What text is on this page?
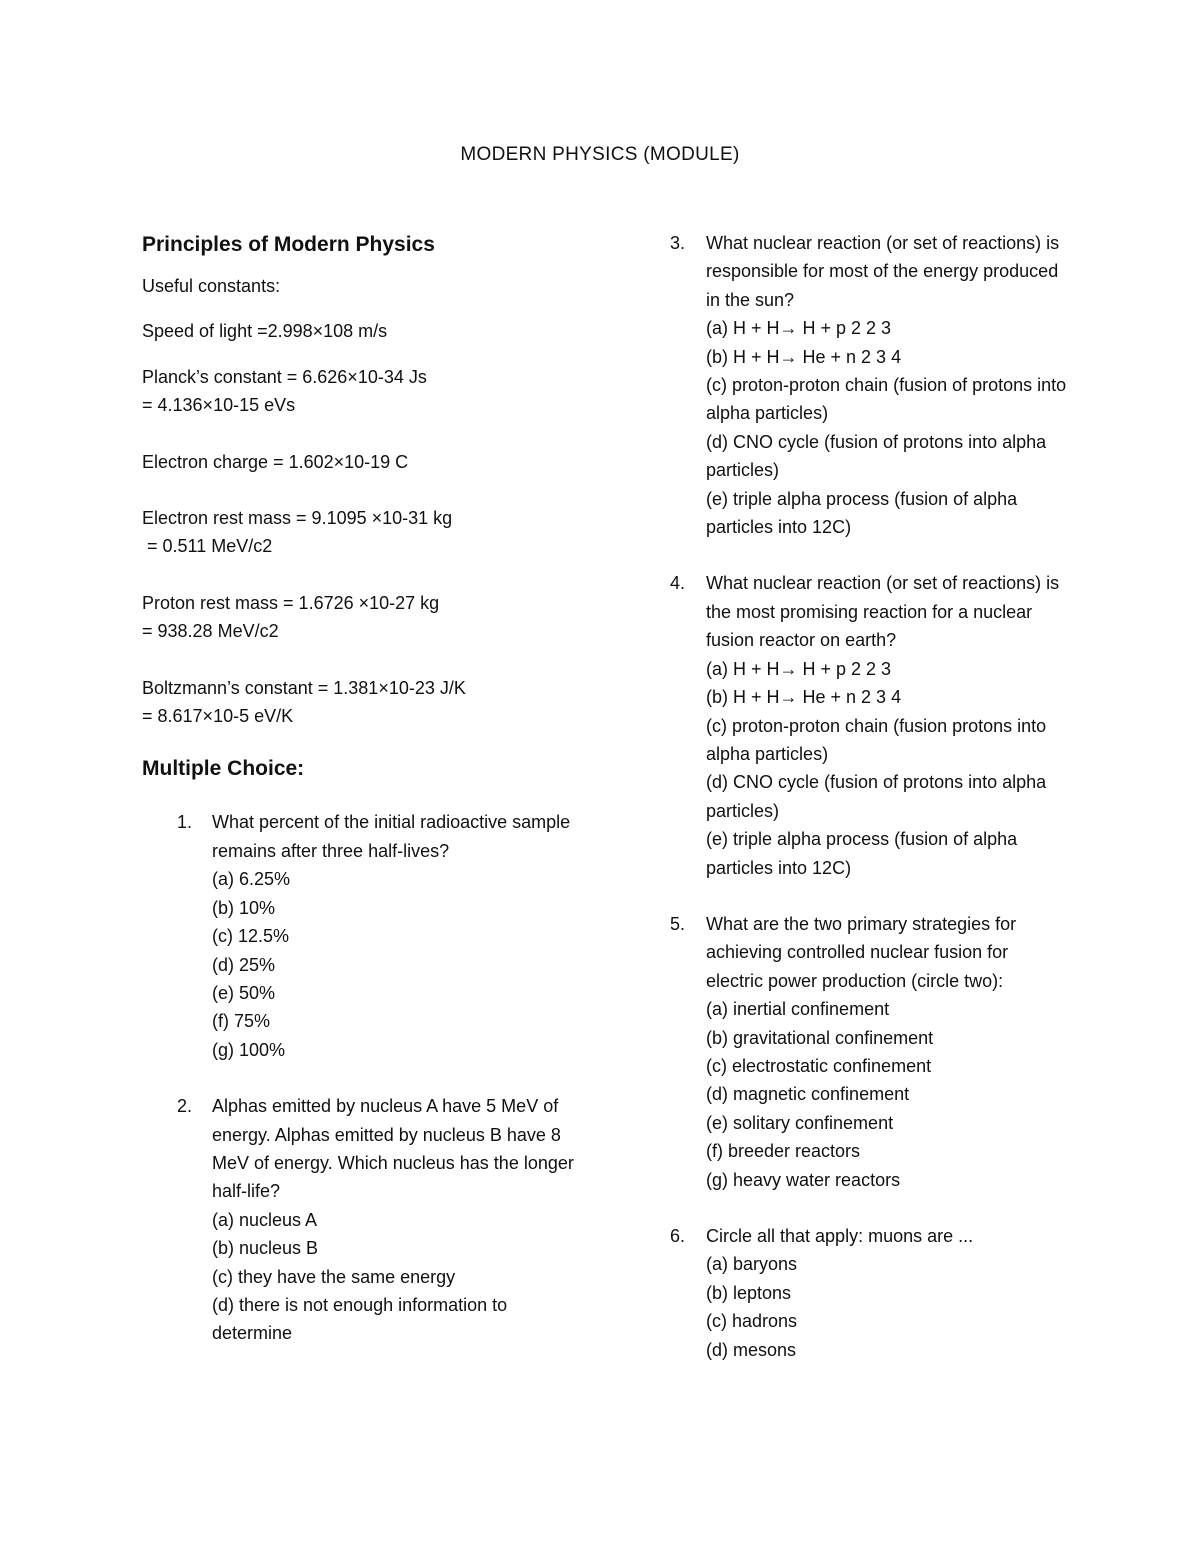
MODERN PHYSICS (MODULE)
Principles of Modern Physics

Useful constants:

Speed of light =2.998×108 m/s

Planck’s constant = 6.626×10-34 Js

= 4.136×10-15 eVs

Electron charge = 1.602×10-19 C

Electron rest mass = 9.1095 ×10-31 kg

= 0.511 MeV/c2

Proton rest mass = 1.6726 ×10-27 kg

= 938.28 MeV/c2

Boltzmann’s constant = 1.381×10-23 J/K

= 8.617×10-5 eV/K

Multiple Choice:
1. What percent of the initial radioactive sample remains after three half-lives?
(a) 6.25%
(b) 10%
(c) 12.5%
(d) 25%
(e) 50%
(f) 75%
(g) 100%
2. Alphas emitted by nucleus A have 5 MeV of energy. Alphas emitted by nucleus B have 8 MeV of energy. Which nucleus has the longer half-life?
(a) nucleus A
(b) nucleus B
(c) they have the same energy
(d) there is not enough information to determine
3. What nuclear reaction (or set of reactions) is responsible for most of the energy produced in the sun?
(a) H + H→ H + p 2 2 3
(b) H + H→ He + n 2 3 4
(c) proton-proton chain (fusion of protons into alpha particles)
(d) CNO cycle (fusion of protons into alpha particles)
(e) triple alpha process (fusion of alpha particles into 12C)
4. What nuclear reaction (or set of reactions) is the most promising reaction for a nuclear fusion reactor on earth?
(a) H + H→ H + p 2 2 3
(b) H + H→ He + n 2 3 4
(c) proton-proton chain (fusion protons into alpha particles)
(d) CNO cycle (fusion of protons into alpha particles)
(e) triple alpha process (fusion of alpha particles into 12C)
5. What are the two primary strategies for achieving controlled nuclear fusion for electric power production (circle two):
(a) inertial confinement
(b) gravitational confinement
(c) electrostatic confinement
(d) magnetic confinement
(e) solitary confinement
(f) breeder reactors
(g) heavy water reactors
6. Circle all that apply: muons are ...
(a) baryons
(b) leptons
(c) hadrons
(d) mesons
